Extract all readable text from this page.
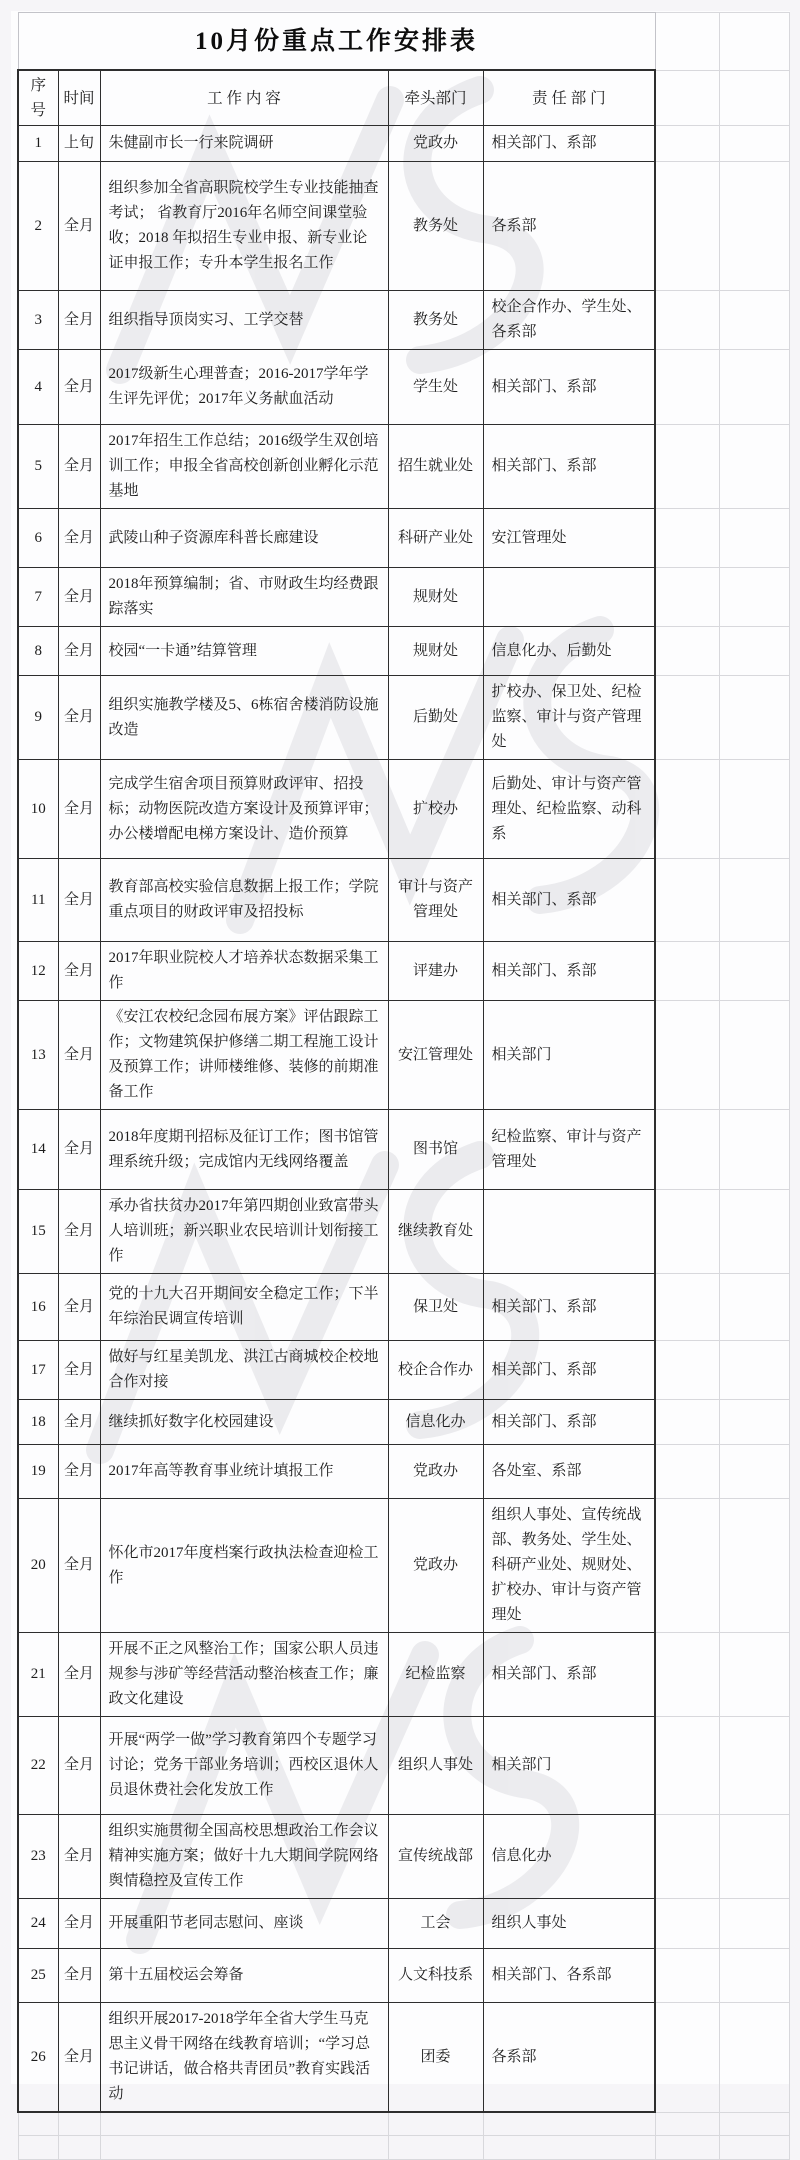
10月份重点工作安排表						
序号	时间	工 作 内 容	牵头部门	责 任 部 门		
1	上旬	朱健副市长一行来院调研	党政办	相关部门、系部		
2	全月	组织参加全省高职院校学生专业技能抽查考试； 省教育厅2016年名师空间课堂验收；2018 年拟招生专业申报、新专业论证申报工作；专升本学生报名工作	教务处	各系部		
3	全月	组织指导顶岗实习、工学交替	教务处	校企合作办、学生处、各系部		
4	全月	2017级新生心理普查；2016-2017学年学生评先评优；2017年义务献血活动	学生处	相关部门、系部		
5	全月	2017年招生工作总结；2016级学生双创培训工作；申报全省高校创新创业孵化示范基地	招生就业处	相关部门、系部		
6	全月	武陵山种子资源库科普长廊建设	科研产业处	安江管理处		
7	全月	2018年预算编制；省、市财政生均经费跟踪落实	规财处			
8	全月	校园“一卡通”结算管理	规财处	信息化办、后勤处		
9	全月	组织实施教学楼及5、6栋宿舍楼消防设施改造	后勤处	扩校办、保卫处、纪检监察、审计与资产管理处		
10	全月	完成学生宿舍项目预算财政评审、招投标；动物医院改造方案设计及预算评审；办公楼增配电梯方案设计、造价预算	扩校办	后勤处、审计与资产管理处、纪检监察、动科系		
11	全月	教育部高校实验信息数据上报工作；学院重点项目的财政评审及招投标	审计与资产管理处	相关部门、系部		
12	全月	2017年职业院校人才培养状态数据采集工作	评建办	相关部门、系部		
13	全月	《安江农校纪念园布展方案》评估跟踪工作；文物建筑保护修缮二期工程施工设计及预算工作；讲师楼维修、装修的前期准备工作	安江管理处	相关部门		
14	全月	2018年度期刊招标及征订工作；图书馆管理系统升级；完成馆内无线网络覆盖	图书馆	纪检监察、审计与资产管理处		
15	全月	承办省扶贫办2017年第四期创业致富带头人培训班；新兴职业农民培训计划衔接工作	继续教育处			
16	全月	党的十九大召开期间安全稳定工作；下半年综治民调宣传培训	保卫处	相关部门、系部		
17	全月	做好与红星美凯龙、洪江古商城校企校地合作对接	校企合作办	相关部门、系部		
18	全月	继续抓好数字化校园建设	信息化办	相关部门、系部		
19	全月	2017年高等教育事业统计填报工作	党政办	各处室、系部		
20	全月	怀化市2017年度档案行政执法检查迎检工作	党政办	组织人事处、宣传统战部、教务处、学生处、科研产业处、规财处、扩校办、审计与资产管理处		
21	全月	开展不正之风整治工作；国家公职人员违规参与涉矿等经营活动整治核查工作；廉政文化建设	纪检监察	相关部门、系部		
22	全月	开展“两学一做”学习教育第四个专题学习讨论；党务干部业务培训；西校区退休人员退休费社会化发放工作	组织人事处	相关部门		
23	全月	组织实施贯彻全国高校思想政治工作会议精神实施方案；做好十九大期间学院网络舆情稳控及宣传工作	宣传统战部	信息化办		
24	全月	开展重阳节老同志慰问、座谈	工会	组织人事处		
25	全月	第十五届校运会筹备	人文科技系	相关部门、各系部		
26	全月	组织开展2017-2018学年全省大学生马克思主义骨干网络在线教育培训；“学习总书记讲话，做合格共青团员”教育实践活动	团委	各系部		
